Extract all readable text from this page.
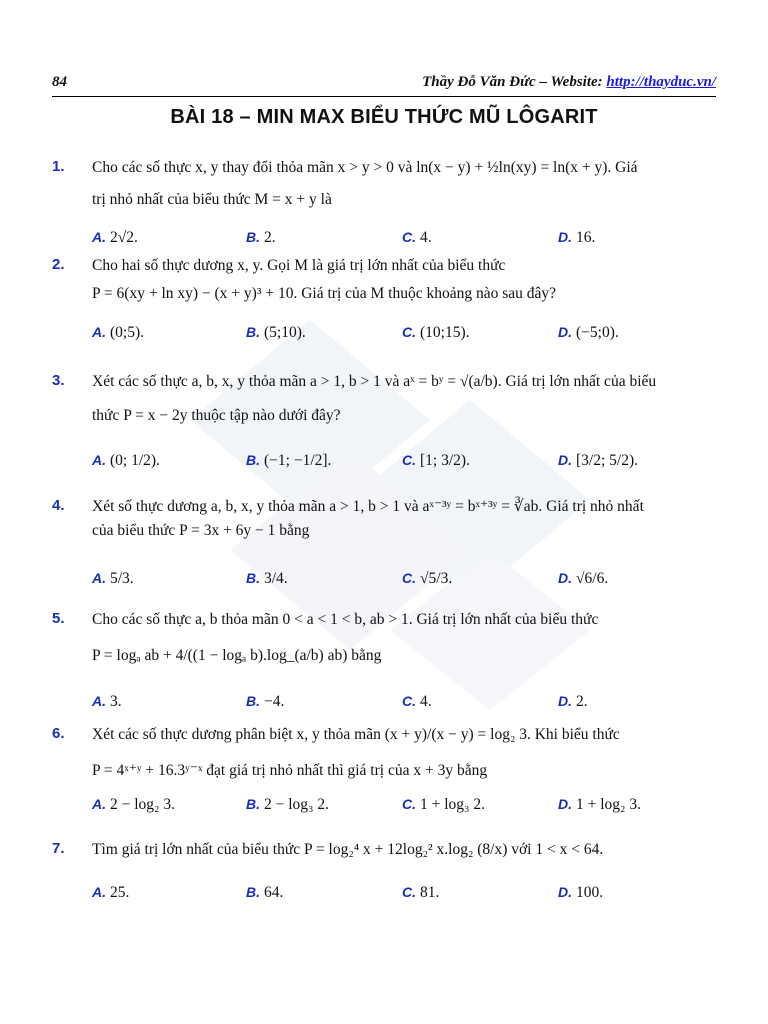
84	Thầy Đỗ Văn Đức – Website: http://thayduc.vn/
BÀI 18 – MIN MAX BIỂU THỨC MŨ LÔGARIT
1. Cho các số thực x, y thay đổi thỏa mãn x > y > 0 và ln(x − y) + ½ln(xy) = ln(x + y). Giá
trị nhỏ nhất của biểu thức M = x + y là
A. 2√2.	B. 2.	C. 4.	D. 16.
2. Cho hai số thực dương x, y. Gọi M là giá trị lớn nhất của biểu thức
P = 6(xy + ln xy) − (x + y)³ + 10. Giá trị của M thuộc khoảng nào sau đây?
A. (0;5).	B. (5;10).	C. (10;15).	D. (−5;0).
3. Xét các số thực a, b, x, y thỏa mãn a > 1, b > 1 và aˣ = bʸ = √(a/b). Giá trị lớn nhất của biểu
thức P = x − 2y thuộc tập nào dưới đây?
A. (0; 1/2).	B. (−1; −1/2].	C. [1; 3/2).	D. [3/2; 5/2).
4. Xét số thực dương a, b, x, y thỏa mãn a > 1, b > 1 và aˣ⁻³ʸ = bˣ⁺³ʸ = ∛ab. Giá trị nhỏ nhất
của biểu thức P = 3x + 6y − 1 bằng
A. 5/3.	B. 3/4.	C. √5/3.	D. √6/6.
5. Cho các số thực a, b thỏa mãn 0 < a < 1 < b, ab > 1. Giá trị lớn nhất của biểu thức
P = logₐ ab + 4/((1 − logₐ b).log_(a/b) ab) bằng
A. 3.	B. −4.	C. 4.	D. 2.
6. Xét các số thực dương phân biệt x, y thỏa mãn (x + y)/(x − y) = log₂ 3. Khi biểu thức
P = 4ˣ⁺ʸ + 16.3ʸ⁻ˣ đạt giá trị nhỏ nhất thì giá trị của x + 3y bằng
A. 2 − log₂ 3.	B. 2 − log₃ 2.	C. 1 + log₃ 2.	D. 1 + log₂ 3.
7. Tìm giá trị lớn nhất của biểu thức P = log₂⁴ x + 12log₂² x.log₂ (8/x) với 1 < x < 64.
A. 25.	B. 64.	C. 81.	D. 100.
